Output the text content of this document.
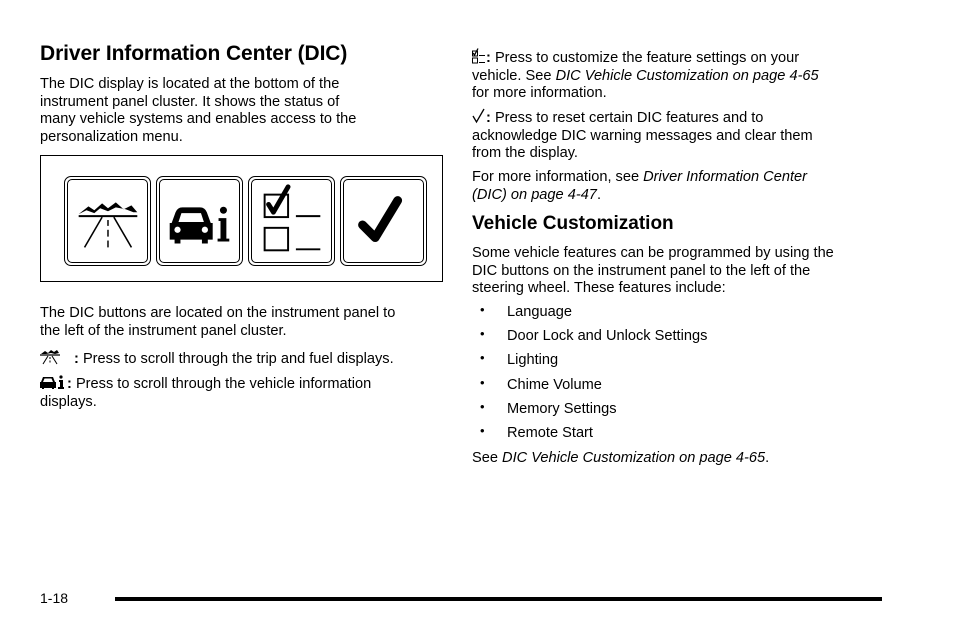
Driver Information Center (DIC)

The DIC display is located at the bottom of the
instrument panel cluster. It shows the status of
many vehicle systems and enables access to the
personalization menu.

The DIC buttons are located on the instrument panel to
the left of the instrument panel cluster.

: Press to scroll through the trip and fuel displays.

: Press to scroll through the vehicle information
displays.

: Press to customize the feature settings on your
vehicle. See DIC Vehicle Customization on page 4-65
for more information.

: Press to reset certain DIC features and to
acknowledge DIC warning messages and clear them
from the display.

For more information, see Driver Information Center
(DIC) on page 4-47.

Vehicle Customization

Some vehicle features can be programmed by using the
DIC buttons on the instrument panel to the left of the
steering wheel. These features include:

• Language
• Door Lock and Unlock Settings
• Lighting
• Chime Volume
• Memory Settings
• Remote Start

See DIC Vehicle Customization on page 4-65.

1-18
